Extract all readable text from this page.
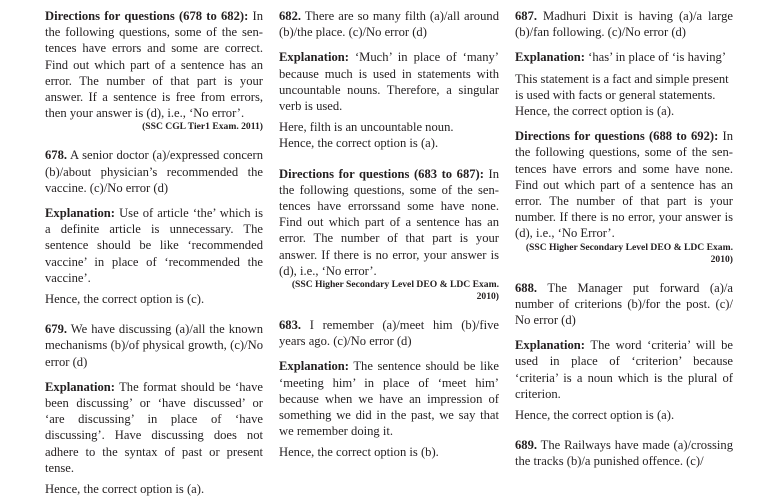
Directions for questions (678 to 682): In the following questions, some of the sentences have errors and some are correct. Find out which part of a sentence has an error. The number of that part is your answer. If a sentence is free from errors, then your answer is (d), i.e., ‘No error’.

(SSC CGL Tier1 Exam. 2011)

678. A senior doctor (a)/expressed concern (b)/about physician’s recommended the vaccine. (c)/No error (d)

Explanation: Use of article ‘the’ which is a definite article is unnecessary. The sentence should be like ‘recommended vaccine’ in place of ‘recommended the vaccine’.

Hence, the correct option is (c).

679. We have discussing (a)/all the known mechanisms (b)/of physical growth, (c)/No error (d)

Explanation: The format should be ‘have been discussing’ or ‘have discussed’ or ‘are discussing’ in place of ‘have discussing’. Have discussing does not adhere to the syntax of past or present tense.

Hence, the correct option is (a).

682. There are so many filth (a)/all around (b)/the place. (c)/No error (d)

Explanation: ‘Much’ in place of ‘many’ because much is used in statements with uncountable nouns. Therefore, a singular verb is used.

Here, filth is an uncountable noun.

Hence, the correct option is (a).

Directions for questions (683 to 687): In the following questions, some of the sentences have errorssand some have none. Find out which part of a sentence has an error. The number of that part is your answer. If there is no error, your answer is (d), i.e., ‘No error’.

(SSC Higher Secondary Level DEO & LDC Exam. 2010)

683. I remember (a)/meet him (b)/five years ago. (c)/No error (d)

Explanation: The sentence should be like ‘meeting him’ in place of ‘meet him’ because when we have an impression of something we did in the past, we say that we remember doing it.

Hence, the correct option is (b).

687. Madhuri Dixit is having (a)/a large (b)/fan following. (c)/No error (d)

Explanation: ‘has’ in place of ‘is having’

This statement is a fact and simple present is used with facts or general statements.

Hence, the correct option is (a).

Directions for questions (688 to 692): In the following questions, some of the sentences have errors and some have none. Find out which part of a sentence has an error. The number of that part is your number. If there is no error, your answer is (d), i.e., ‘No Error’.

(SSC Higher Secondary Level DEO & LDC Exam. 2010)

688. The Manager put forward (a)/a number of criterions (b)/for the post. (c)/ No error (d)

Explanation: The word ‘criteria’ will be used in place of ‘criterion’ because ‘criteria’ is a noun which is the plural of criterion.

Hence, the correct option is (a).

689. The Railways have made (a)/crossing the tracks (b)/a punished offence. (c)/
